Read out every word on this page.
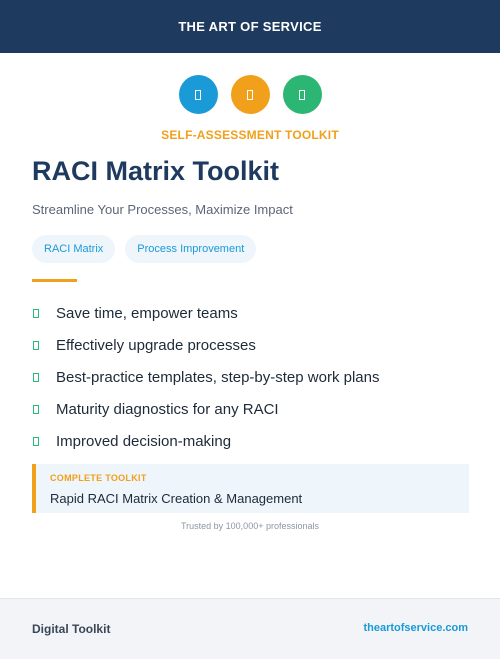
THE ART OF SERVICE
SELF-ASSESSMENT TOOLKIT
RACI Matrix Toolkit
Streamline Your Processes, Maximize Impact
RACI Matrix	Process Improvement
Save time, empower teams
Effectively upgrade processes
Best-practice templates, step-by-step work plans
Maturity diagnostics for any RACI
Improved decision-making
COMPLETE TOOLKIT
Rapid RACI Matrix Creation & Management
Trusted by 100,000+ professionals
Digital Toolkit	theartofservice.com
